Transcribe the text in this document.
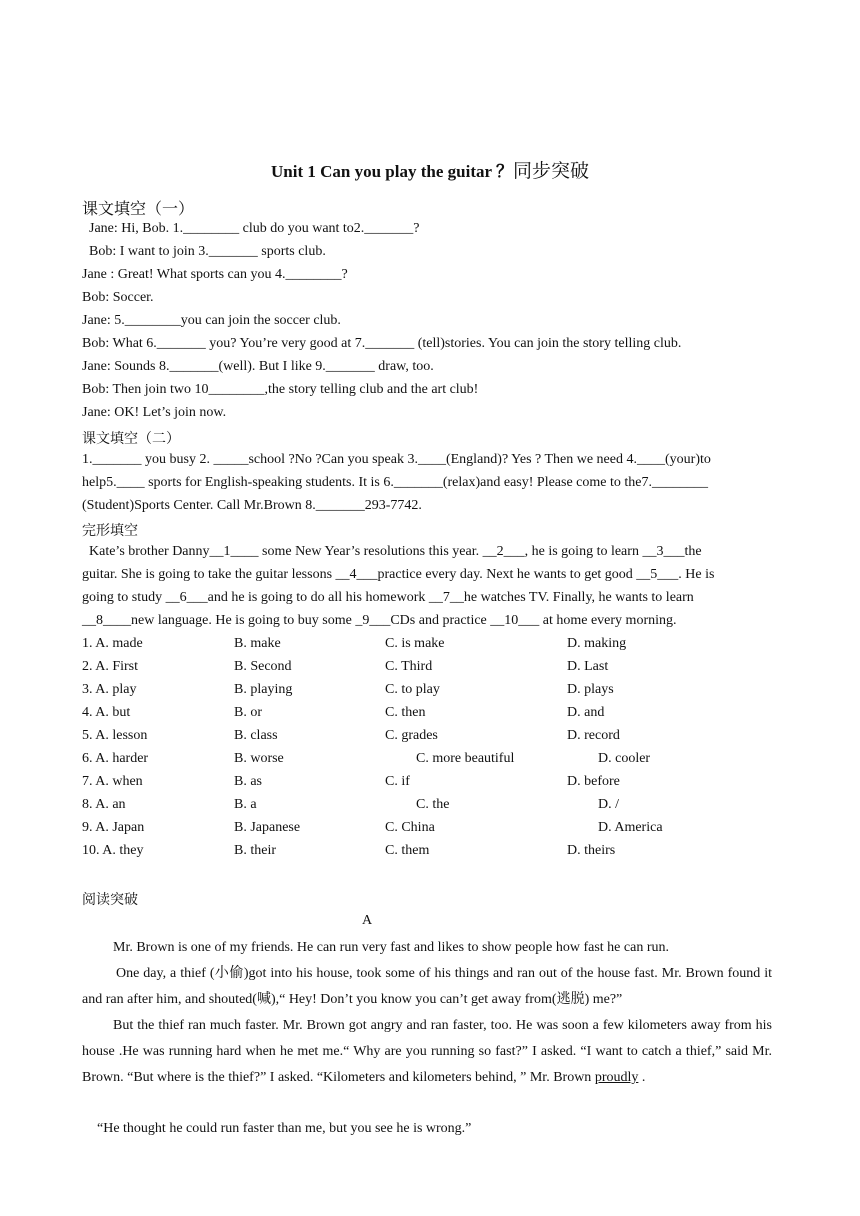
Unit 1 Can you play the guitar ？同步突破
课文填空（一）
Jane: Hi, Bob. 1.________ club do you want to2._______?
Bob: I want to join 3._______ sports club.
Jane : Great! What sports can you 4.________?
Bob: Soccer.
Jane: 5.________you can join the soccer club.
Bob: What 6._______ you? You’re very good at 7._______ (tell)stories. You can join the story telling club.
Jane: Sounds 8._______(well). But I like 9._______ draw, too.
Bob: Then join two 10________,the story telling club and the art club!
Jane: OK! Let’s join now.
课文填空（二）
1._______ you busy 2. _____school ?No ?Can you speak 3.____(England)? Yes ? Then we need 4.____(your)to
help5.____ sports for English-speaking students. It is 6._______(relax)and easy! Please come to the7.________
(Student)Sports Center. Call Mr.Brown 8._______293-7742.
完形填空
Kate’s brother Danny__1____ some New Year’s resolutions this year. __2___, he is going to learn __3___the
guitar. She is going to take the guitar lessons __4___practice every day. Next he wants to get good __5___. He is
going to study __6___and he is going to do all his homework __7__he watches TV. Finally, he wants to learn
__8____new language. He is going to buy some _9___CDs and practice __10___ at home every morning.
1. A. made	B. make	C. is make	D. making
2. A. First	B. Second	C. Third	D. Last
3. A. play	B. playing	C. to play	D. plays
4. A. but	B. or	C. then	D. and
5. A. lesson	B. class	C. grades	D. record
6. A. harder	B. worse	C. more beautiful	D. cooler
7. A. when	B. as	C. if	D. before
8. A. an	B. a	C. the	D. /
9. A. Japan	B. Japanese	C. China	D. America
10. A. they	B. their	C. them	D. theirs
阅读突破
A
Mr. Brown is one of my friends. He can run very fast and likes to show people how fast he can run.
One day, a thief (小偷)got into his house, took some of his things and ran out of the house fast. Mr. Brown found it and ran after him, and shouted(喊),“ Hey! Don’t you know you can’t get away from(逃脱) me?”
But the thief ran much faster. Mr. Brown got angry and ran faster, too. He was soon a few kilometers away from his house .He was running hard when he met me.“ Why are you running so fast?” I asked. “I want to catch a thief,” said Mr. Brown. “But where is the thief?” I asked. “Kilometers and kilometers behind, ” Mr. Brown proudly .
“He thought he could run faster than me, but you see he is wrong.”
